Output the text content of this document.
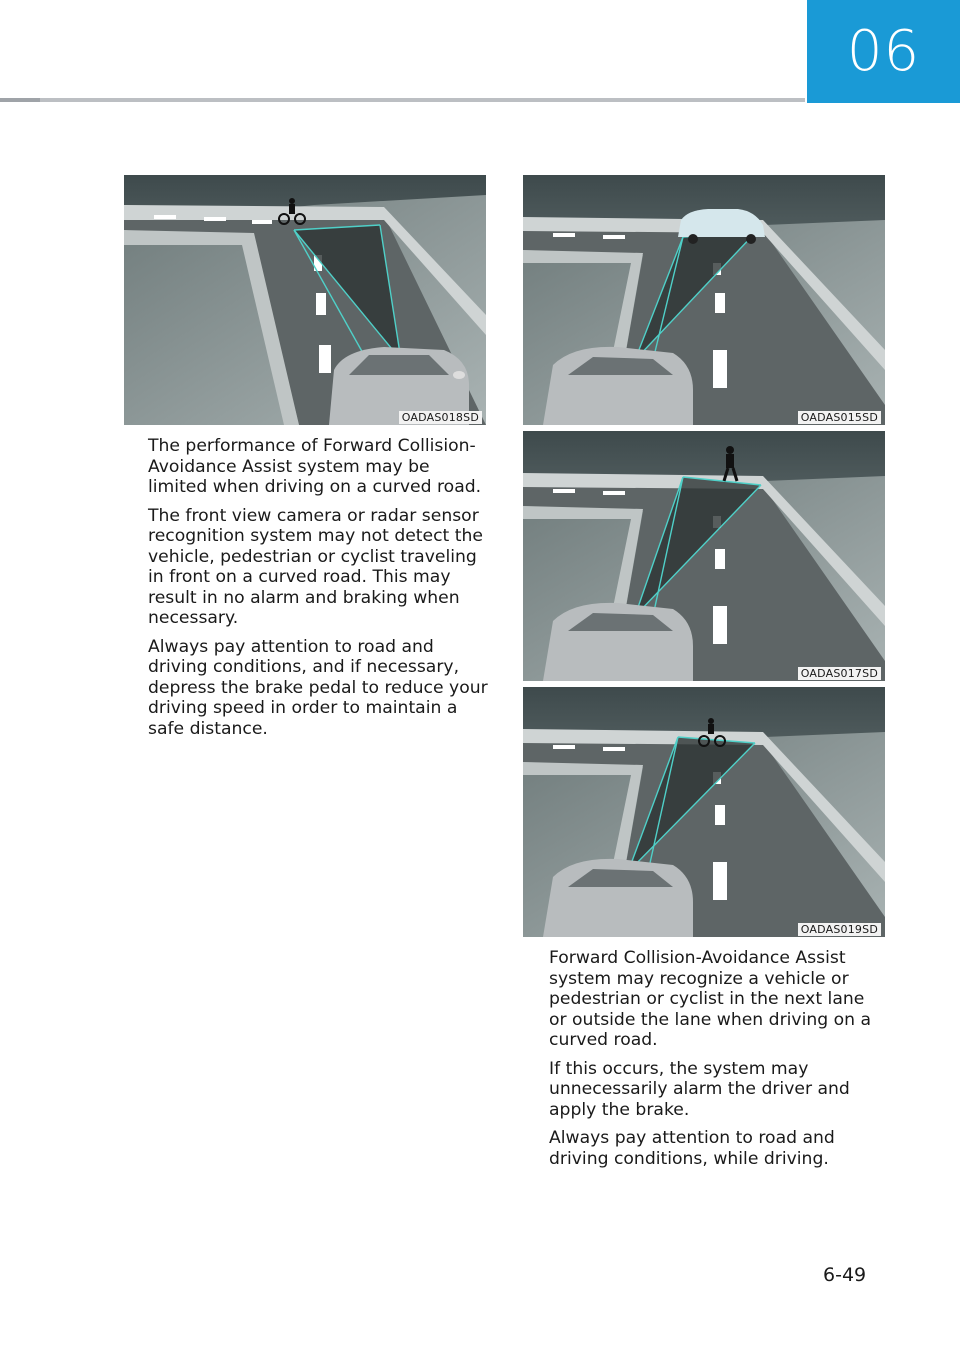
06
OADAS018SD	OADAS015SD
OADAS017SD
OADAS019SD

The performance of Forward Collision-Avoidance Assist system may be limited when driving on a curved road.

The front view camera or radar sensor recognition system may not detect the vehicle, pedestrian or cyclist traveling in front on a curved road. This may result in no alarm and braking when necessary.

Always pay attention to road and driving conditions, and if necessary, depress the brake pedal to reduce your driving speed in order to maintain a safe distance.

Forward Collision-Avoidance Assist system may recognize a vehicle or pedestrian or cyclist in the next lane or outside the lane when driving on a curved road.

If this occurs, the system may unnecessarily alarm the driver and apply the brake.

Always pay attention to road and driving conditions, while driving.

6-49
